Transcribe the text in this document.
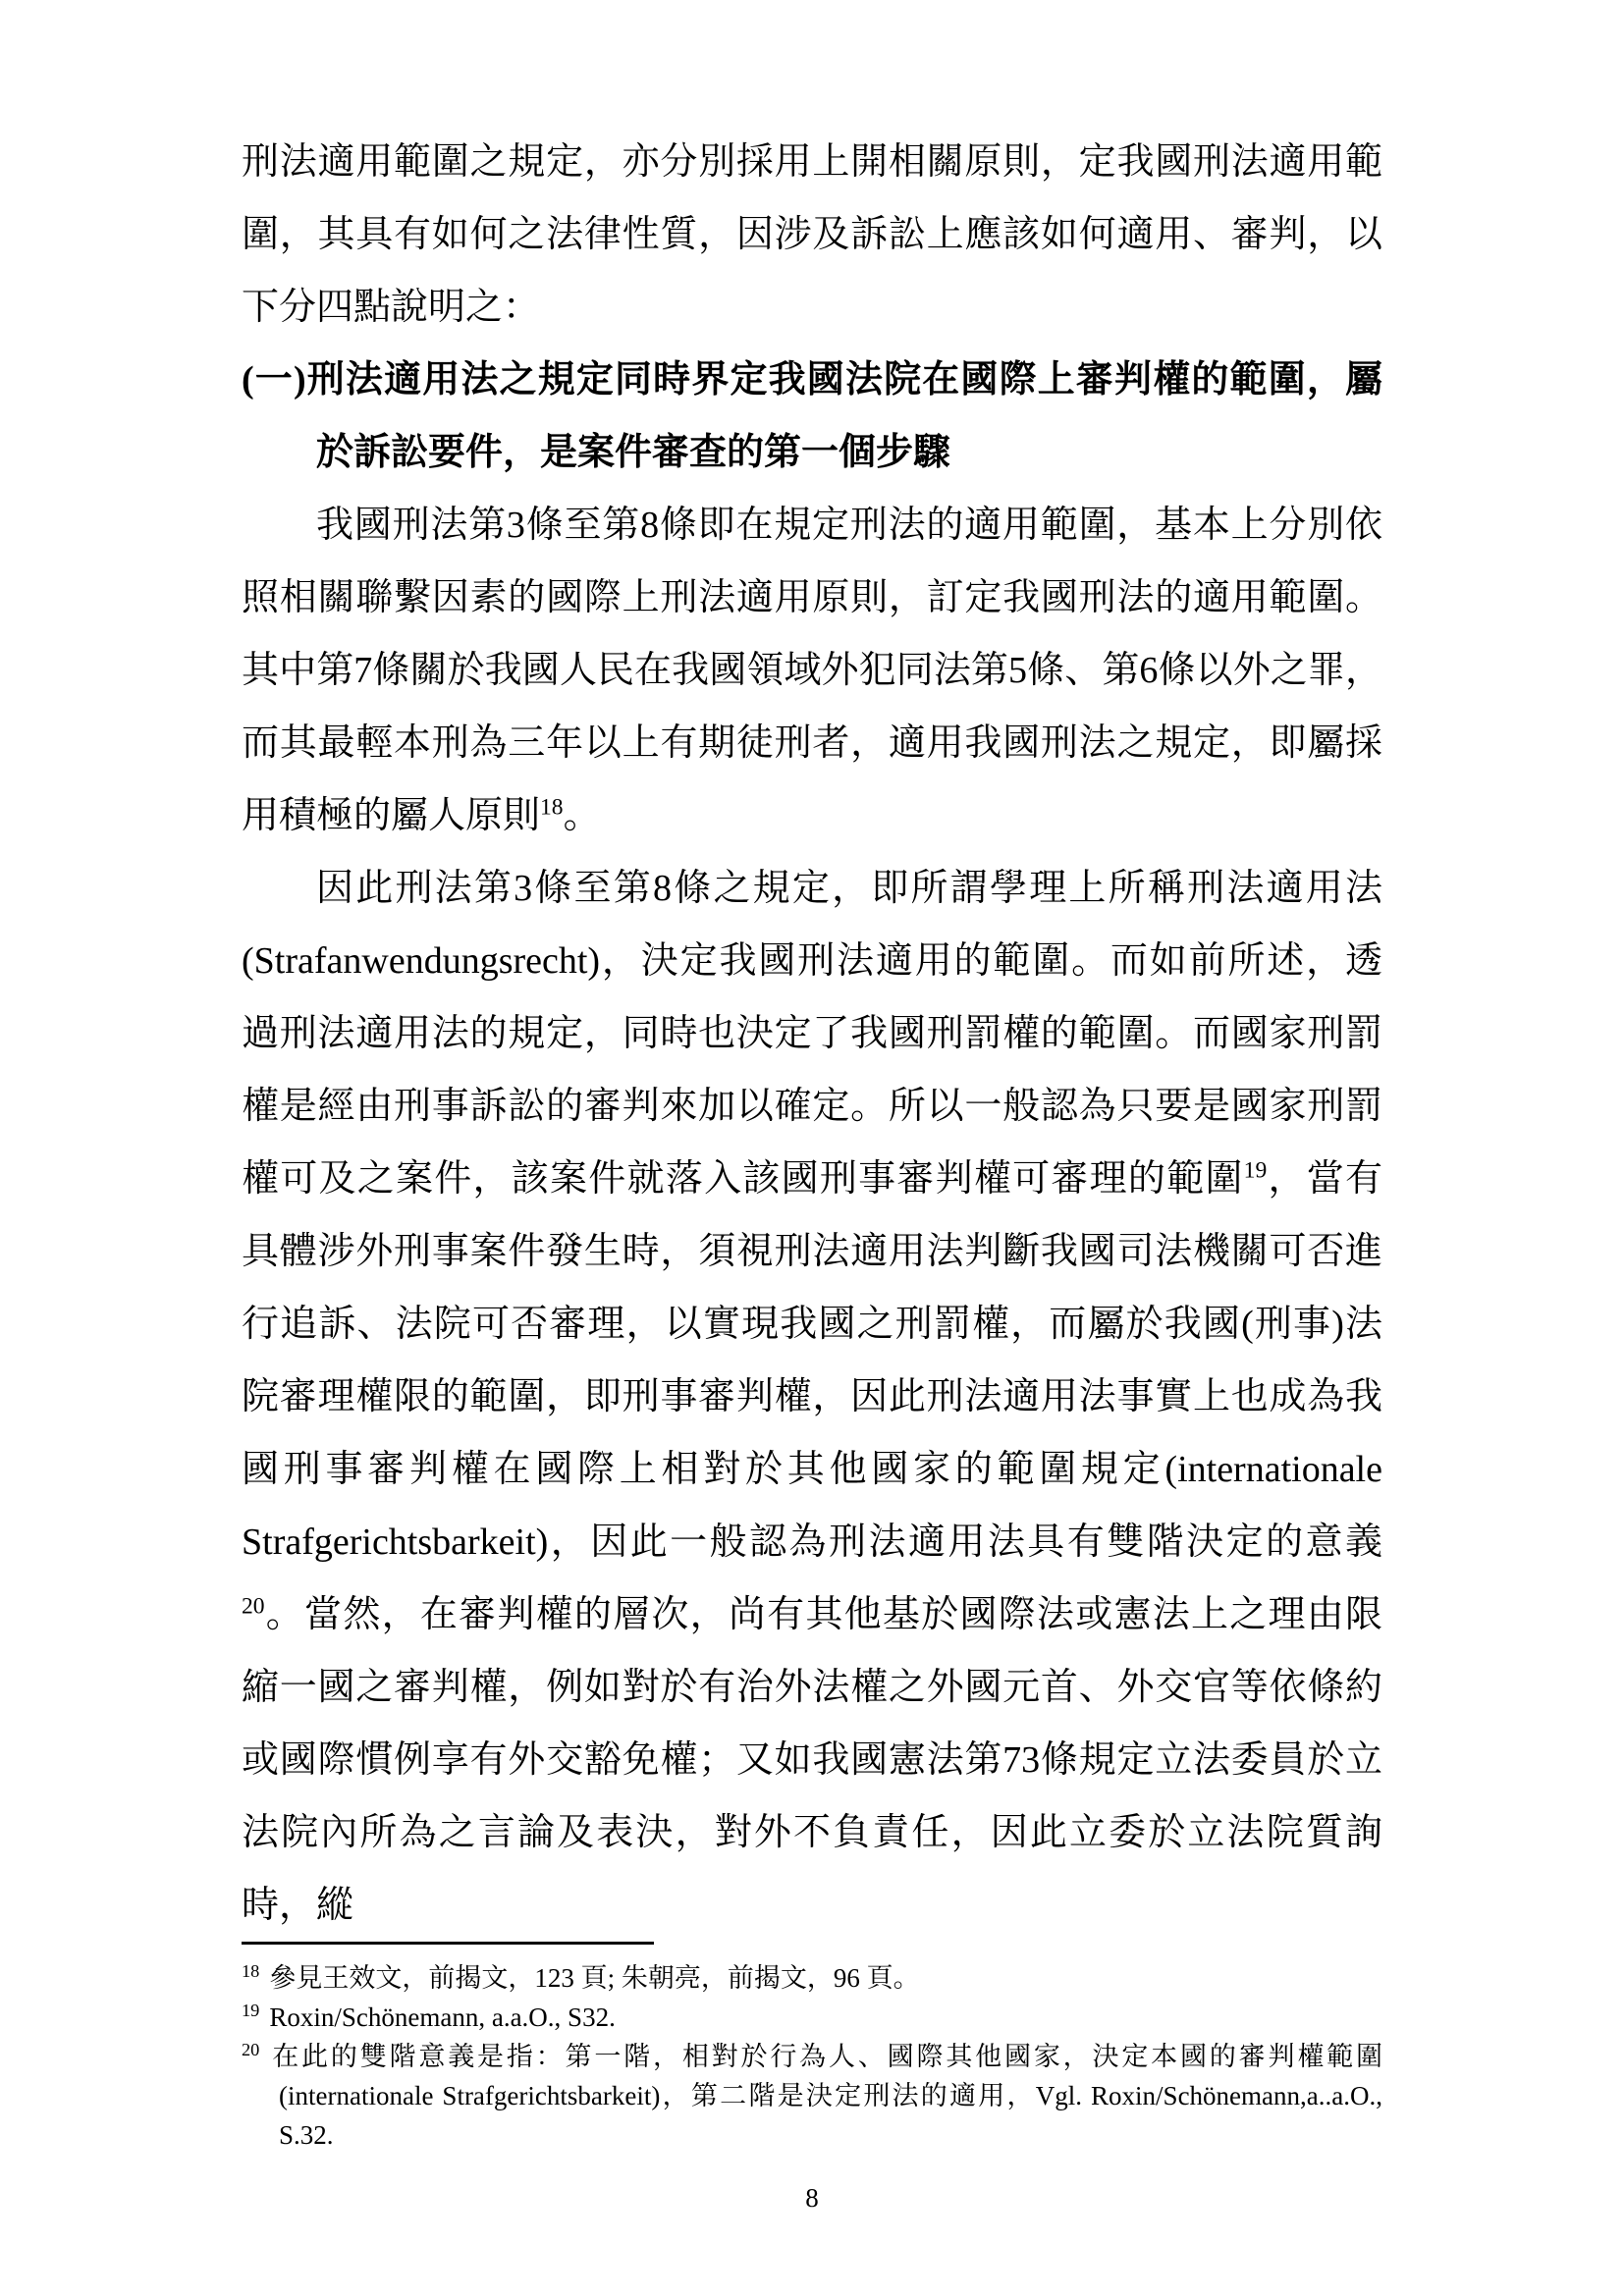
刑法適用範圍之規定，亦分別採用上開相關原則，定我國刑法適用範圍，其具有如何之法律性質，因涉及訴訟上應該如何適用、審判，以下分四點說明之：

(一)刑法適用法之規定同時界定我國法院在國際上審判權的範圍，屬於訴訟要件，是案件審查的第一個步驟

我國刑法第3條至第8條即在規定刑法的適用範圍，基本上分別依照相關聯繫因素的國際上刑法適用原則，訂定我國刑法的適用範圍。其中第7條關於我國人民在我國領域外犯同法第5條、第6條以外之罪，而其最輕本刑為三年以上有期徒刑者，適用我國刑法之規定，即屬採用積極的屬人原則$^{18}$。

因此刑法第3條至第8條之規定，即所謂學理上所稱刑法適用法(Strafanwendungsrecht)，決定我國刑法適用的範圍。而如前所述，透過刑法適用法的規定，同時也決定了我國刑罰權的範圍。而國家刑罰權是經由刑事訴訟的審判來加以確定。所以一般認為只要是國家刑罰權可及之案件，該案件就落入該國刑事審判權可審理的範圍$^{19}$，當有具體涉外刑事案件發生時，須視刑法適用法判斷我國司法機關可否進行追訴、法院可否審理，以實現我國之刑罰權，而屬於我國(刑事)法院審理權限的範圍，即刑事審判權，因此刑法適用法事實上也成為我國刑事審判權在國際上相對於其他國家的範圍規定(internationale Strafgerichtsbarkeit)，因此一般認為刑法適用法具有雙階決定的意義$^{20}$。當然，在審判權的層次，尚有其他基於國際法或憲法上之理由限縮一國之審判權，例如對於有治外法權之外國元首、外交官等依條約或國際慣例享有外交豁免權；又如我國憲法第73條規定立法委員於立法院內所為之言論及表決，對外不負責任，因此立委於立法院質詢時，縱

$^{18}$ 參見王效文，前揭文，123 頁; 朱朝亮，前揭文，96 頁。
$^{19}$ Roxin/Schönemann, a.a.O., S32.
$^{20}$ 在此的雙階意義是指：第一階，相對於行為人、國際其他國家，決定本國的審判權範圍(internationale Strafgerichtsbarkeit)，第二階是決定刑法的適用，Vgl. Roxin/Schönemann,a..a.O., S.32.
8
